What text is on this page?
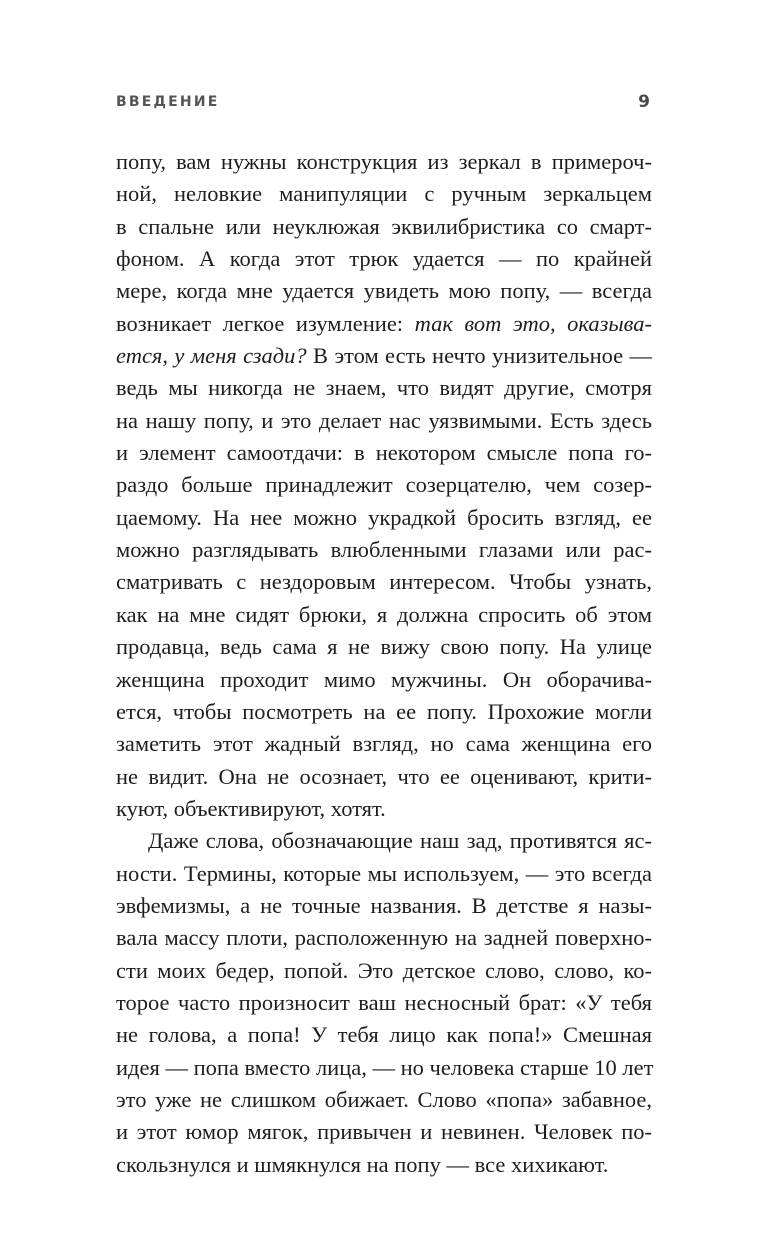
ВВЕДЕНИЕ	9
попу, вам нужны конструкция из зеркал в примероч-
ной, неловкие манипуляции с ручным зеркальцем
в спальне или неуклюжая эквилибристика со смарт-
фоном. А когда этот трюк удается — по крайней
мере, когда мне удается увидеть мою попу, — всегда
возникает легкое изумление: так вот это, оказыва-
ется, у меня сзади? В этом есть нечто унизительное —
ведь мы никогда не знаем, что видят другие, смотря
на нашу попу, и это делает нас уязвимыми. Есть здесь
и элемент самоотдачи: в некотором смысле попа го-
раздо больше принадлежит созерцателю, чем созер-
цаемому. На нее можно украдкой бросить взгляд, ее
можно разглядывать влюбленными глазами или рас-
сматривать с нездоровым интересом. Чтобы узнать,
как на мне сидят брюки, я должна спросить об этом
продавца, ведь сама я не вижу свою попу. На улице
женщина проходит мимо мужчины. Он оборачива-
ется, чтобы посмотреть на ее попу. Прохожие могли
заметить этот жадный взгляд, но сама женщина его
не видит. Она не осознает, что ее оценивают, крити-
куют, объективируют, хотят.
Даже слова, обозначающие наш зад, противятся яс-
ности. Термины, которые мы используем, — это всегда
эвфемизмы, а не точные названия. В детстве я назы-
вала массу плоти, расположенную на задней поверхно-
сти моих бедер, попой. Это детское слово, слово, ко-
торое часто произносит ваш несносный брат: «У тебя
не голова, а попа! У тебя лицо как попа!» Смешная
идея — попа вместо лица, — но человека старше 10 лет
это уже не слишком обижает. Слово «попа» забавное,
и этот юмор мягок, привычен и невинен. Человек по-
скользнулся и шмякнулся на попу — все хихикают.
